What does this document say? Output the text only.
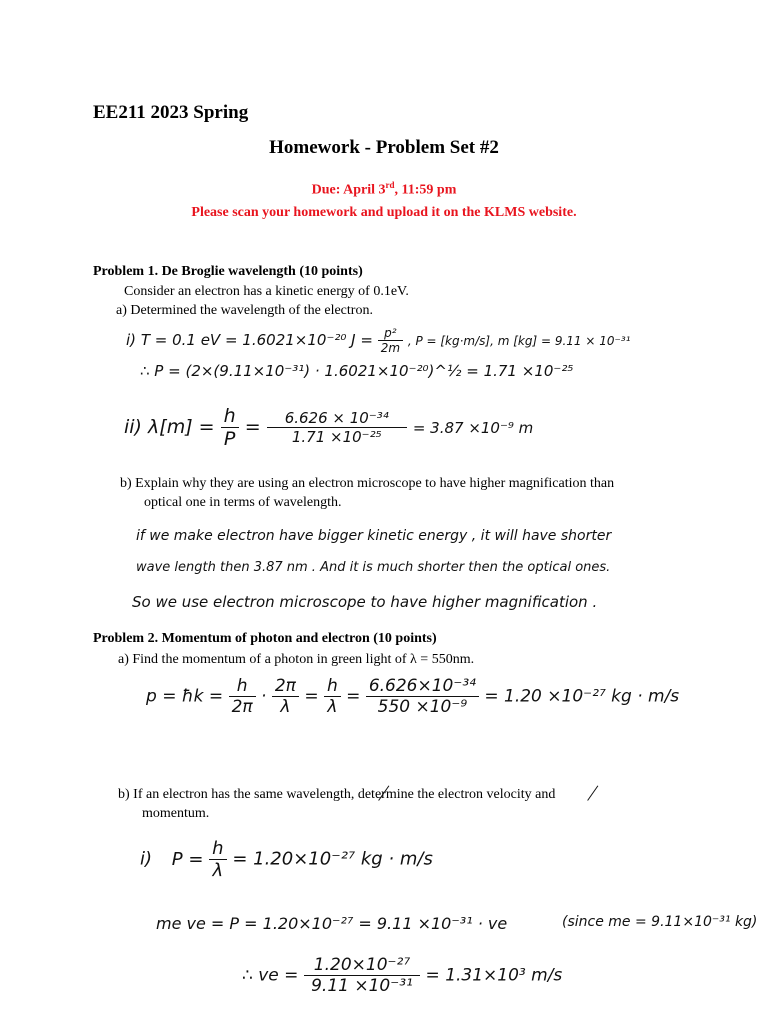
EE211 2023 Spring
Homework - Problem Set #2
Due: April 3rd, 11:59 pm
Please scan your homework and upload it on the KLMS website.
Problem 1. De Broglie wavelength (10 points)
Consider an electron has a kinetic energy of 0.1eV.
a) Determined the wavelength of the electron.
i) T = 0.1 eV = 1.6021×10⁻²⁰ $J = \frac{\text{p²}}{2m}$ , P = [kg·m/s], m [kg] = 9.11 × 10⁻³¹
∴ P = (2×(9.11×10⁻³¹) · 1.6021×10⁻²⁰)^½ = 1.71 ×10⁻²⁵
ii) $\lambda[m] = \frac{h}{P} = \frac{\text{6.626 × 10⁻³⁴}}{\text{1.71 ×10⁻²⁵}} = 3.87 \times 10^{-9}$ m
b) Explain why they are using an electron microscope to have higher magnification than
optical one in terms of wavelength.
if we make electron have bigger kinetic energy , it will have shorter
wave length then 3.87 nm . And it is much shorter then the optical ones.
So we use electron microscope to have higher magnification .
Problem 2. Momentum of photon and electron (10 points)
a) Find the momentum of a photon in green light of λ = 550nm.
p = ħk = $\frac{h}{2\pi} \cdot \frac{2\pi}{\lambda} = \frac{h}{\lambda} = \frac{\text{6.626×10⁻³⁴}}{\text{550 ×10⁻⁹}} = 1.20 \times 10^{-27}$ kg · m/s
b) If an electron has the same wavelength, determine the electron velocity and
momentum.
i) $P = \frac{h}{\lambda} = 1.20\times 10^{-27}$ kg · m/s
me ve = P = 1.20×10⁻²⁷ = 9.11 ×10⁻³¹ · ve	(since me = 9.11×10⁻³¹ kg)
∴ ve = $\frac{\text{1.20×10⁻²⁷}}{\text{9.11 ×10⁻³¹}} = 1.31\times 10^3$ m/s
